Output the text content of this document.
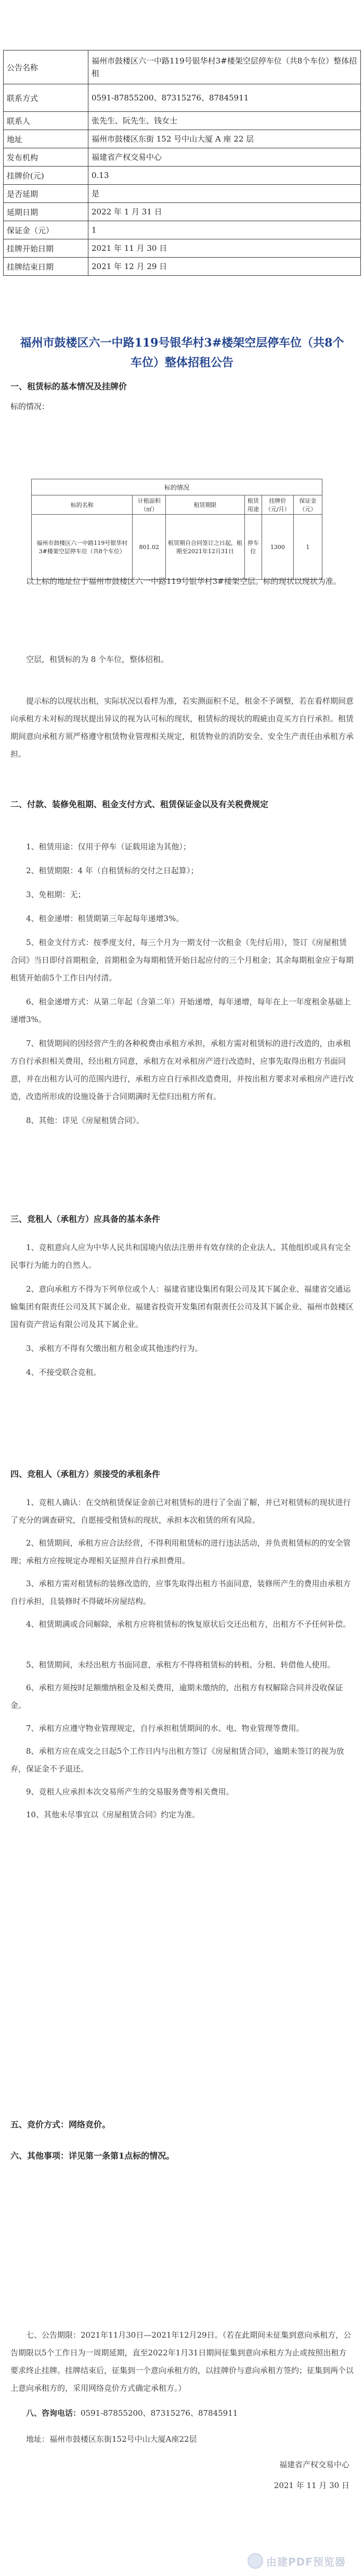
公告名称	福州市鼓楼区六一中路119号银华村3#楼架空层停车位（共8个车位）整体招租
联系方式	0591-87855200、87315276、87845911
联系人	张先生、阮先生、钱女士
地址	福州市鼓楼区东街 152 号中山大厦 A 座 22 层
发布机构	福建省产权交易中心
挂牌价(元)	0.13
是否延期	是
延期日期	2022 年 1 月 31 日
保证金（元）	1
挂牌开始日期	2021 年 11 月 30 日
挂牌结束日期	2021 年 12 月 29 日
福州市鼓楼区六一中路119号银华村3#楼架空层停车位（共8个车位）整体招租公告
一、租赁标的基本情况及挂牌价
标的情况：
标的情况					
标的名称	计租面积（㎡）	租赁期限	租赁用途	挂牌价（元/月）	保证金（元）
福州市鼓楼区六一中路119号银华村3#楼架空层停车位（共8个车位）	801.02	租赁期自合同签订之日起，租期至2021年12月31日	停车位	1300	1
以上标的地址位于福州市鼓楼区六一中路119号银华村3#楼架空层。标的现状以现状为准。
空层，租赁标的为 8 个车位，整体招租。
提示标的以现状出租，实际状况以看样为准，若实测面积不足，租金不予调整，若在看样期间意向承租方未对标的现状提出异议的视为认可标的现状，租赁标的现状的瑕疵由竞买方自行承担。租赁期间意向承租方须严格遵守租赁物业管理相关规定，租赁物业的消防安全、安全生产责任由承租方承担。
二、付款、装修免租期、租金支付方式、租赁保证金以及有关税费规定
1、租赁用途：仅用于停车（证载用途为其他）；
2、租赁期限：4 年（自租赁标的交付之日起算）；
3、免租期：无；
4、租金递增：租赁期第三年起每年递增3%。
5、租金支付方式：按季度支付，每三个月为一期支付一次租金（先付后用），签订《房屋租赁合同》当日即付首期租金，首期租金为每期租赁开始日起应付的三个月租金；其余每期租金应于每期租赁开始前5个工作日内付清。
6、租金递增方式：从第二年起（含第二年）开始递增，每年递增，每年在上一年度租金基础上递增3%。
7、租赁期间的因经营产生的各种税费由承租方承担，承租方需对租赁标的进行改造的，由承租方自行承担相关费用，经出租方同意，承租方在对承租房产进行改造时，应事先取得出租方书面同意，并在出租方认可的范围内进行，承租方应自行承担改造费用，并按出租方要求对承租房产进行改造，改造所形成的设施设备于合同期满时无偿归出租方所有。
8、其他：详见《房屋租赁合同》。
三、竞租人（承租方）应具备的基本条件
1、竞租意向人应为中华人民共和国境内依法注册并有效存续的企业法人、其他组织或具有完全民事行为能力的自然人。
2、意向承租方不得为下列单位或个人：福建省建设集团有限公司及其下属企业、福建省交通运输集团有限责任公司及其下属企业、福建省投资开发集团有限责任公司及其下属企业、福州市鼓楼区国有资产营运有限公司及其下属企业。
3、承租方不得有欠缴出租方租金或其他违约行为。
4、不接受联合竞租。
四、竞租人（承租方）须接受的承租条件
1、竞租人确认：在交纳租赁保证金前已对租赁标的进行了全面了解，并已对租赁标的现状进行了充分的调查研究，自愿接受租赁标的现状，承担本次租赁的所有风险。
2、租赁期间，承租方应合法经营，不得利用租赁标的进行违法活动，并负责租赁标的的安全管理；承租方应按规定办理相关证照并自行承担费用。
3、承租方需对租赁标的装修改造的，应事先取得出租方书面同意，装修所产生的费用由承租方自行承担，且装修时不得破坏房屋结构。
4、租赁期满或合同解除，承租方应将租赁标的恢复原状后交还出租方，出租方不予任何补偿。
5、租赁期间，未经出租方书面同意，承租方不得将租赁标的转租、分租、转借他人使用。
6、承租方须按时足额缴纳租金及相关费用，逾期未缴纳的，出租方有权解除合同并没收保证金。
7、承租方应遵守物业管理规定，自行承担租赁期间的水、电、物业管理等费用。
8、承租方应在成交之日起5个工作日内与出租方签订《房屋租赁合同》，逾期未签订的视为放弃，保证金不予退还。
9、竞租人应承担本次交易所产生的交易服务费等相关费用。
10、其他未尽事宜以《房屋租赁合同》约定为准。
五、竞价方式：网络竞价。
六、其他事项：详见第一条第1点标的情况。
七、公告期限：2021年11月30日—2021年12月29日。（若在此期间未征集到意向承租方，公告期限以5个工作日为一周期延期，直至2022年1月31日期间征集到意向承租方为止或按照出租方要求终止挂牌。挂牌结束后，征集到一个意向承租方的，以挂牌价与意向承租方签约；征集到两个以上意向承租方的，采用网络竞价方式确定承租方。）
八、咨询电话：0591-87855200、87315276、87845911
地址：福州市鼓楼区东街152号中山大厦A座22层
福建省产权交易中心
2021 年 11 月 30 日
由建PDF预览器
